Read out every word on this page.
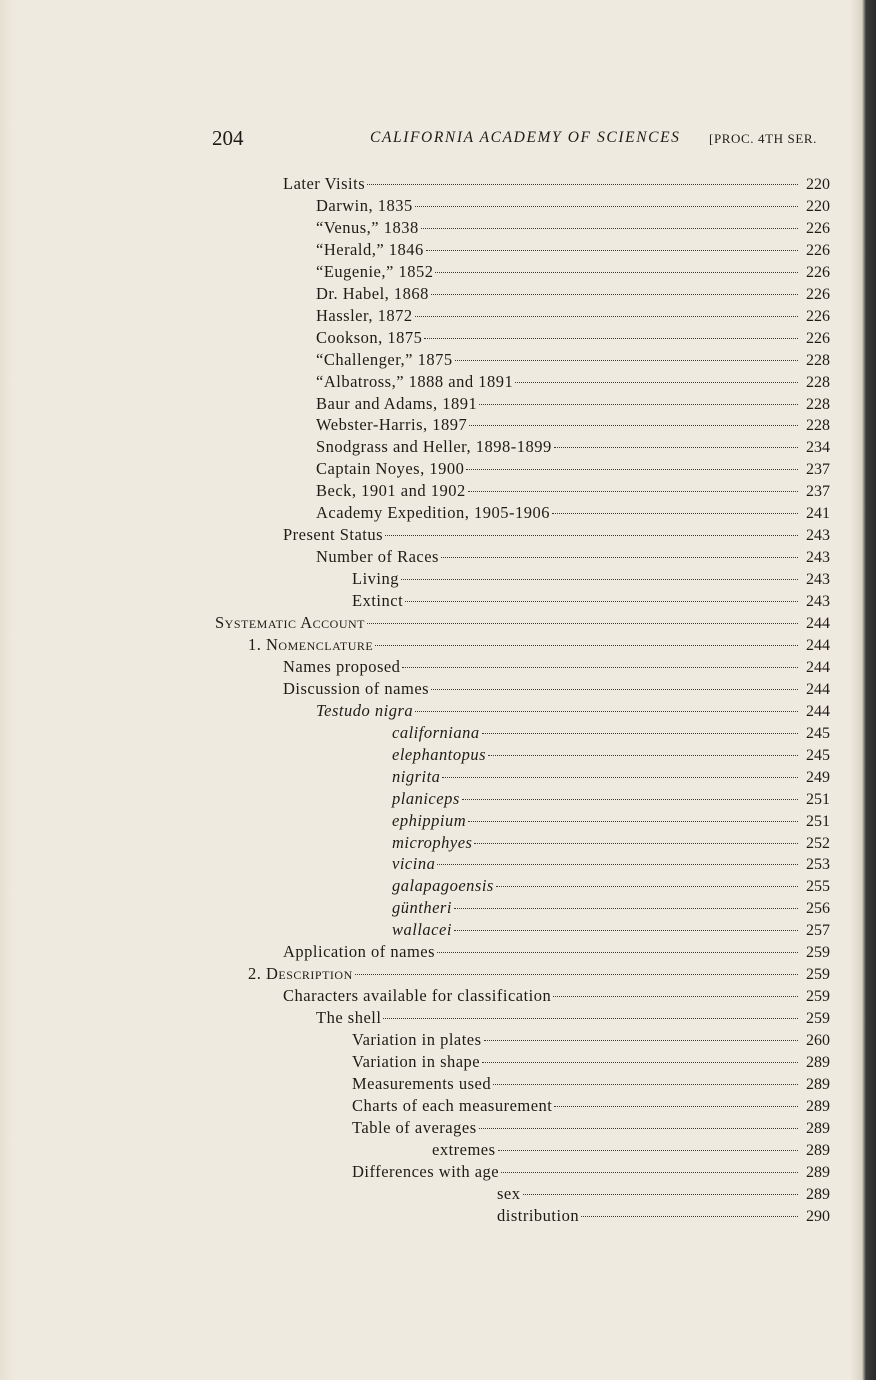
204	CALIFORNIA ACADEMY OF SCIENCES [PROC. 4TH SER.
Later Visits	220
Darwin, 1835	220
“Venus,” 1838	226
“Herald,” 1846	226
“Eugenie,” 1852	226
Dr. Habel, 1868	226
Hassler, 1872	226
Cookson, 1875	226
“Challenger,” 1875	228
“Albatross,” 1888 and 1891	228
Baur and Adams, 1891	228
Webster-Harris, 1897	228
Snodgrass and Heller, 1898-1899	234
Captain Noyes, 1900	237
Beck, 1901 and 1902	237
Academy Expedition, 1905-1906	241
Present Status	243
Number of Races	243
Living	243
Extinct	243
Systematic Account	244
1. Nomenclature	244
Names proposed	244
Discussion of names	244
Testudo nigra	244
californiana	245
elephantopus	245
nigrita	249
planiceps	251
ephippium	251
microphyes	252
vicina	253
galapagoensis	255
güntheri	256
wallacei	257
Application of names	259
2. Description	259
Characters available for classification	259
The shell	259
Variation in plates	260
Variation in shape	289
Measurements used	289
Charts of each measurement	289
Table of averages	289
extremes	289
Differences with age	289
sex	289
distribution	290
